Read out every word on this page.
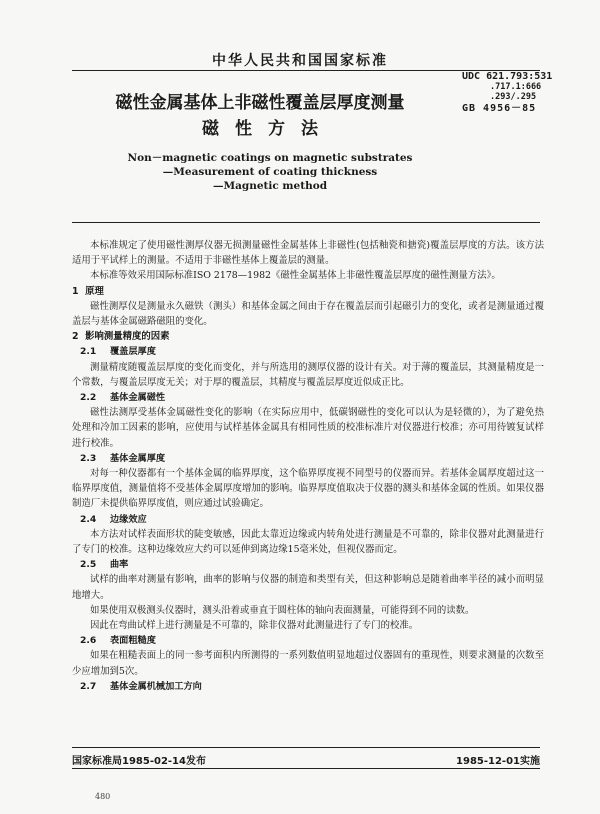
中华人民共和国国家标准
UDC 621.793:531
.717.1:666
.293/.295
GB 4956－85
磁性金属基体上非磁性覆盖层厚度测量
磁性方法
Non－magnetic coatings on magnetic substrates
—Measurement of coating thickness
—Magnetic method

本标准规定了使用磁性测厚仪器无损测量磁性金属基体上非磁性(包括釉瓷和搪瓷)覆盖层厚度的方法。该方法适用于平试样上的测量。不适用于非磁性基体上覆盖层的测量。

本标准等效采用国际标准ISO 2178—1982《磁性金属基体上非磁性覆盖层厚度的磁性测量方法》。

1 原理

磁性测厚仪是测量永久磁铁（测头）和基体金属之间由于存在覆盖层而引起磁引力的变化，或者是测量通过覆盖层与基体金属磁路磁阻的变化。

2 影响测量精度的因素

2.1 覆盖层厚度

测量精度随覆盖层厚度的变化而变化，并与所选用的测厚仪器的设计有关。对于薄的覆盖层，其测量精度是一个常数，与覆盖层厚度无关；对于厚的覆盖层，其精度与覆盖层厚度近似成正比。

2.2 基体金属磁性

磁性法测厚受基体金属磁性变化的影响（在实际应用中，低碳钢磁性的变化可以认为是轻微的），为了避免热处理和冷加工因素的影响，应使用与试样基体金属具有相同性质的校准标准片对仪器进行校准；亦可用待镀复试样进行校准。

2.3 基体金属厚度

对每一种仪器都有一个基体金属的临界厚度，这个临界厚度视不同型号的仪器而异。若基体金属厚度超过这一临界厚度值，测量值将不受基体金属厚度增加的影响。临界厚度值取决于仪器的测头和基体金属的性质。如果仪器制造厂未提供临界厚度值，则应通过试验确定。

2.4 边缘效应

本方法对试样表面形状的陡变敏感，因此太靠近边缘或内转角处进行测量是不可靠的，除非仪器对此测量进行了专门的校准。这种边缘效应大约可以延伸到离边缘15毫米处，但视仪器而定。

2.5 曲率

试样的曲率对测量有影响，曲率的影响与仪器的制造和类型有关，但这种影响总是随着曲率半径的减小而明显地增大。

如果使用双极测头仪器时，测头沿着或垂直于圆柱体的轴向表面测量，可能得到不同的读数。

因此在弯曲试样上进行测量是不可靠的，除非仪器对此测量进行了专门的校准。

2.6 表面粗糙度

如果在粗糙表面上的同一参考面积内所测得的一系列数值明显地超过仪器固有的重现性，则要求测量的次数至少应增加到5次。

2.7 基体金属机械加工方向

国家标准局1985-02-14发布	1985-12-01实施
480
